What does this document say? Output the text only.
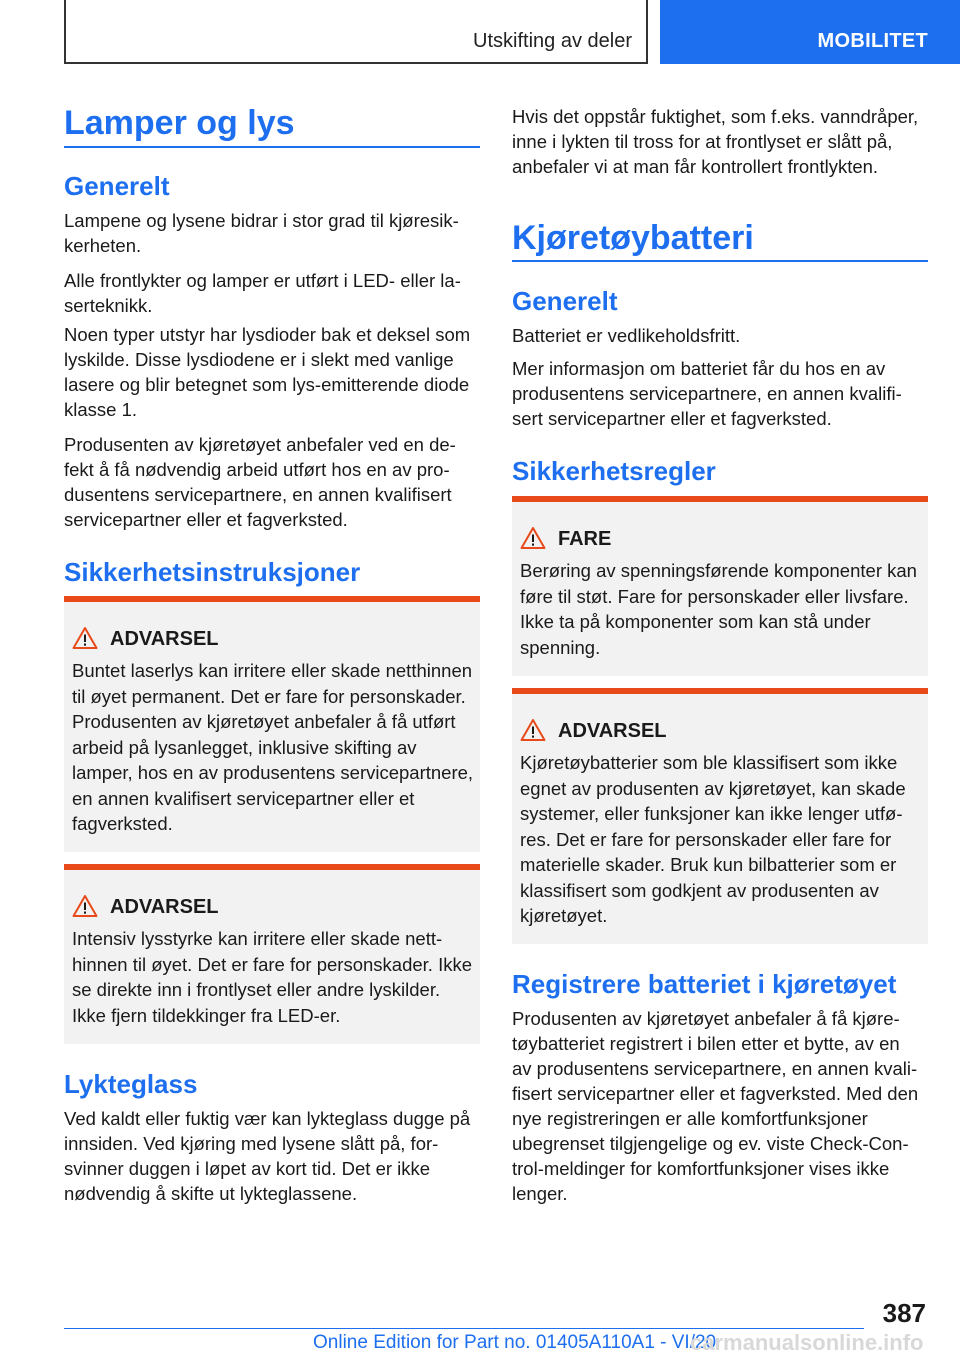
Utskifting av deler	MOBILITET
Lamper og lys
Generelt

Lampene og lysene bidrar i stor grad til kjøresikkerheten.

Alle frontlykter og lamper er utført i LED- eller laserteknikk.

Noen typer utstyr har lysdioder bak et deksel som lyskilde. Disse lysdiodene er i slekt med vanlige lasere og blir betegnet som lys-emitterende diode klasse 1.

Produsenten av kjøretøyet anbefaler ved en defekt å få nødvendig arbeid utført hos en av produsentens servicepartnere, en annen kvalifisert servicepartner eller et fagverksted.

Sikkerhetsinstruksjoner
ADVARSEL

Buntet laserlys kan irritere eller skade netthinnen til øyet permanent. Det er fare for personskader. Produsenten av kjøretøyet anbefaler å få utført arbeid på lysanlegget, inklusive skifting av lamper, hos en av produsentens servicepartnere, en annen kvalifisert servicepartner eller et fagverksted.

ADVARSEL

Intensiv lysstyrke kan irritere eller skade netthinnen til øyet. Det er fare for personskader. Ikke se direkte inn i frontlyset eller andre lyskilder. Ikke fjern tildekkinger fra LED-er.

Lykteglass

Ved kaldt eller fuktig vær kan lykteglass dugge på innsiden. Ved kjøring med lysene slått på, forsvinner duggen i løpet av kort tid. Det er ikke nødvendig å skifte ut lykteglassene.

Hvis det oppstår fuktighet, som f.eks. vanndråper, inne i lykten til tross for at frontlyset er slått på, anbefaler vi at man får kontrollert frontlykten.

Kjøretøybatteri
Generelt

Batteriet er vedlikeholdsfritt.

Mer informasjon om batteriet får du hos en av produsentens servicepartnere, en annen kvalifisert servicepartner eller et fagverksted.

Sikkerhetsregler
FARE

Berøring av spenningsførende komponenter kan føre til støt. Fare for personskader eller livsfare. Ikke ta på komponenter som kan stå under spenning.

ADVARSEL

Kjøretøybatterier som ble klassifisert som ikke egnet av produsenten av kjøretøyet, kan skade systemer, eller funksjoner kan ikke lenger utføres. Det er fare for personskader eller fare for materielle skader. Bruk kun bilbatterier som er klassifisert som godkjent av produsenten av kjøretøyet.

Registrere batteriet i kjøretøyet

Produsenten av kjøretøyet anbefaler å få kjøretøybatteriet registrert i bilen etter et bytte, av en av produsentens servicepartnere, en annen kvalifisert servicepartner eller et fagverksted. Med den nye registreringen er alle komfortfunksjoner ubegrenset tilgjengelige og ev. viste Check-Control-meldinger for komfortfunksjoner vises ikke lenger.

387
Online Edition for Part no. 01405A110A1 - VI/20
carmanualsonline.info
